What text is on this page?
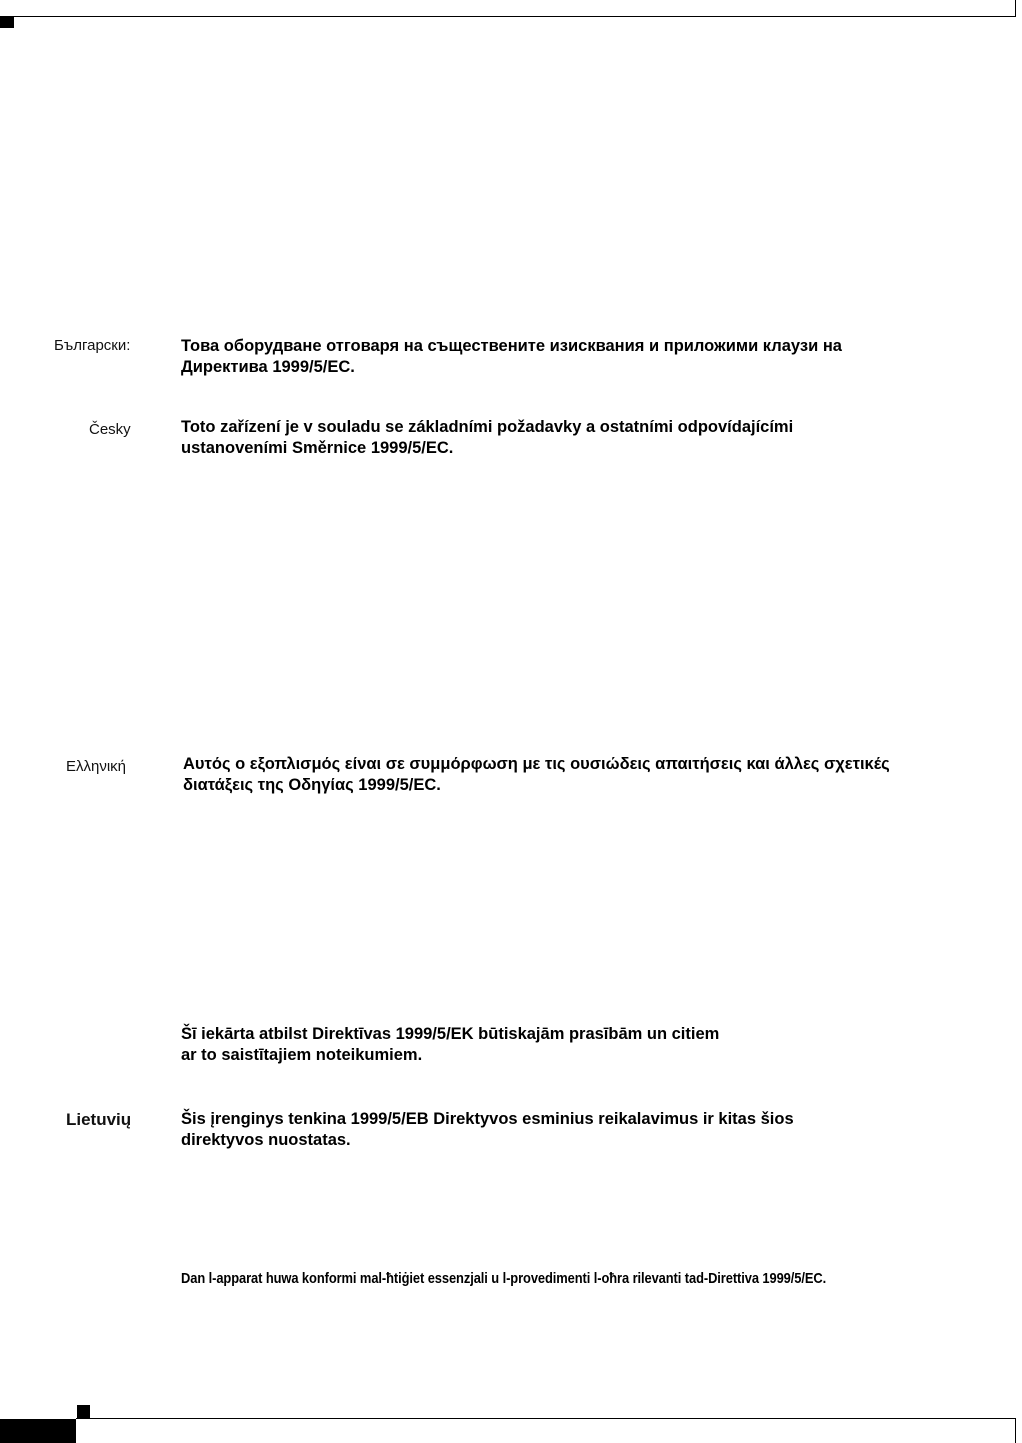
Български:	Това оборудване отговаря на съществените изисквания и приложими клаузи на
Директива 1999/5/ЕС.
Česky	Toto zařízení je v souladu se základními požadavky a ostatními odpovídajícími
ustanoveními Směrnice 1999/5/EC.
Ελληνική	Αυτός ο εξοπλισμός είναι σε συμμόρφωση με τις ουσιώδεις απαιτήσεις και άλλες σχετικές
διατάξεις της Οδηγίας 1999/5/EC.
Šī iekārta atbilst Direktīvas 1999/5/EK būtiskajām prasībām un citiem
ar to saistītajiem noteikumiem.
Lietuvių	Šis įrenginys tenkina 1999/5/EB Direktyvos esminius reikalavimus ir kitas šios
direktyvos nuostatas.
Dan l-apparat huwa konformi mal-ħtiġiet essenzjali u l-provedimenti l-oħra rilevanti tad-Direttiva 1999/5/EC.
